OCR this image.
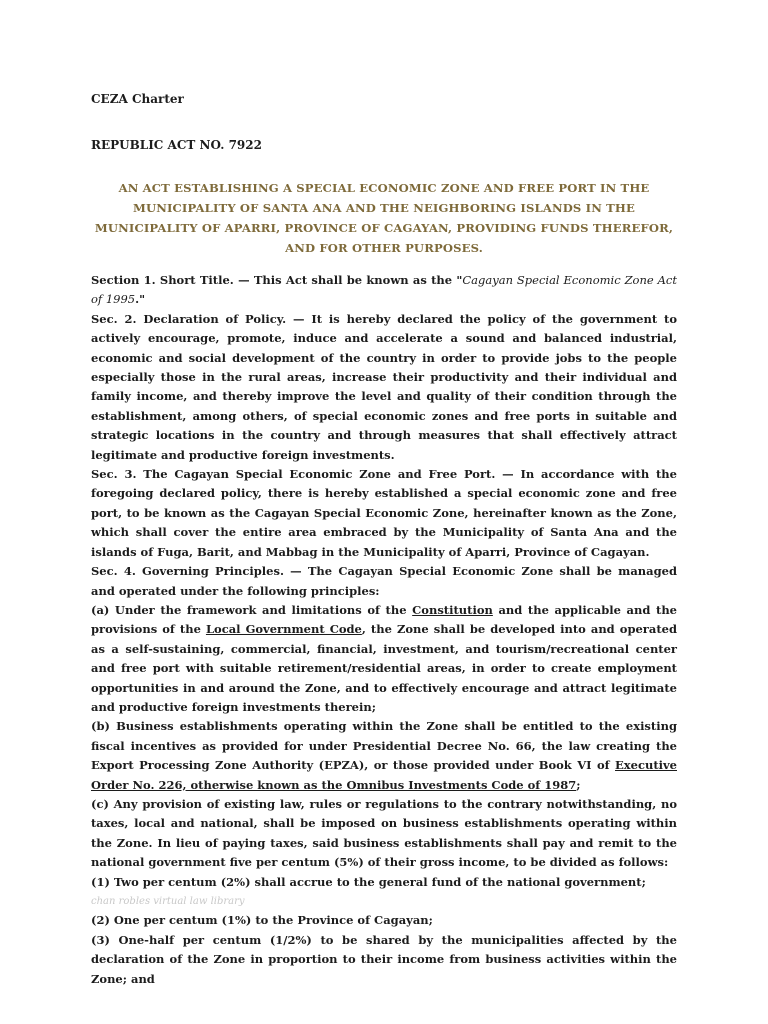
CEZA Charter
REPUBLIC ACT NO. 7922
AN ACT ESTABLISHING A SPECIAL ECONOMIC ZONE AND FREE PORT IN THE MUNICIPALITY OF SANTA ANA AND THE NEIGHBORING ISLANDS IN THE MUNICIPALITY OF APARRI, PROVINCE OF CAGAYAN, PROVIDING FUNDS THEREFOR, AND FOR OTHER PURPOSES.

Section 1. Short Title. — This Act shall be known as the "Cagayan Special Economic Zone Act of 1995."

Sec. 2. Declaration of Policy. — It is hereby declared the policy of the government to actively encourage, promote, induce and accelerate a sound and balanced industrial, economic and social development of the country in order to provide jobs to the people especially those in the rural areas, increase their productivity and their individual and family income, and thereby improve the level and quality of their condition through the establishment, among others, of special economic zones and free ports in suitable and strategic locations in the country and through measures that shall effectively attract legitimate and productive foreign investments.

Sec. 3. The Cagayan Special Economic Zone and Free Port. — In accordance with the foregoing declared policy, there is hereby established a special economic zone and free port, to be known as the Cagayan Special Economic Zone, hereinafter known as the Zone, which shall cover the entire area embraced by the Municipality of Santa Ana and the islands of Fuga, Barit, and Mabbag in the Municipality of Aparri, Province of Cagayan.

Sec. 4. Governing Principles. — The Cagayan Special Economic Zone shall be managed and operated under the following principles:

(a) Under the framework and limitations of the Constitution and the applicable and the provisions of the Local Government Code, the Zone shall be developed into and operated as a self-sustaining, commercial, financial, investment, and tourism/recreational center and free port with suitable retirement/residential areas, in order to create employment opportunities in and around the Zone, and to effectively encourage and attract legitimate and productive foreign investments therein;

(b) Business establishments operating within the Zone shall be entitled to the existing fiscal incentives as provided for under Presidential Decree No. 66, the law creating the Export Processing Zone Authority (EPZA), or those provided under Book VI of Executive Order No. 226, otherwise known as the Omnibus Investments Code of 1987;

(c) Any provision of existing law, rules or regulations to the contrary notwithstanding, no taxes, local and national, shall be imposed on business establishments operating within the Zone. In lieu of paying taxes, said business establishments shall pay and remit to the national government five per centum (5%) of their gross income, to be divided as follows:

(1) Two per centum (2%) shall accrue to the general fund of the national government;

chan robles virtual law library

(2) One per centum (1%) to the Province of Cagayan;

(3) One-half per centum (1/2%) to be shared by the municipalities affected by the declaration of the Zone in proportion to their income from business activities within the Zone; and
